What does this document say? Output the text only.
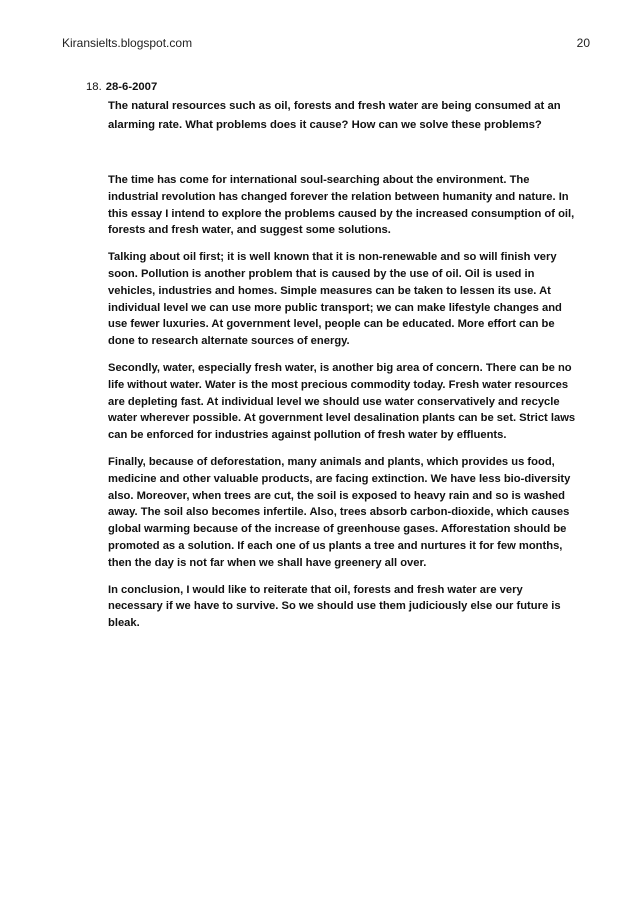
Kiransielts.blogspot.com	20
18. 28-6-2007
The natural resources such as oil, forests and fresh water are being consumed at an alarming rate. What problems does it cause? How can we solve these problems?

The time has come for international soul-searching about the environment. The industrial revolution has changed forever the relation between humanity and nature. In this essay I intend to explore the problems caused by the increased consumption of oil, forests and fresh water, and suggest some solutions.

Talking about oil first; it is well known that it is non-renewable and so will finish very soon. Pollution is another problem that is caused by the use of oil. Oil is used in vehicles, industries and homes. Simple measures can be taken to lessen its use. At individual level we can use more public transport; we can make lifestyle changes and use fewer luxuries. At government level, people can be educated. More effort can be done to research alternate sources of energy.

Secondly, water, especially fresh water, is another big area of concern. There can be no life without water. Water is the most precious commodity today. Fresh water resources are depleting fast. At individual level we should use water conservatively and recycle water wherever possible. At government level desalination plants can be set. Strict laws can be enforced for industries against pollution of fresh water by effluents.

Finally, because of deforestation, many animals and plants, which provides us food, medicine and other valuable products, are facing extinction. We have less bio-diversity also. Moreover, when trees are cut, the soil is exposed to heavy rain and so is washed away. The soil also becomes infertile. Also, trees absorb carbon-dioxide, which causes global warming because of the increase of greenhouse gases. Afforestation should be promoted as a solution. If each one of us plants a tree and nurtures it for few months, then the day is not far when we shall have greenery all over.

In conclusion, I would like to reiterate that oil, forests and fresh water are very necessary if we have to survive. So we should use them judiciously else our future is bleak.
